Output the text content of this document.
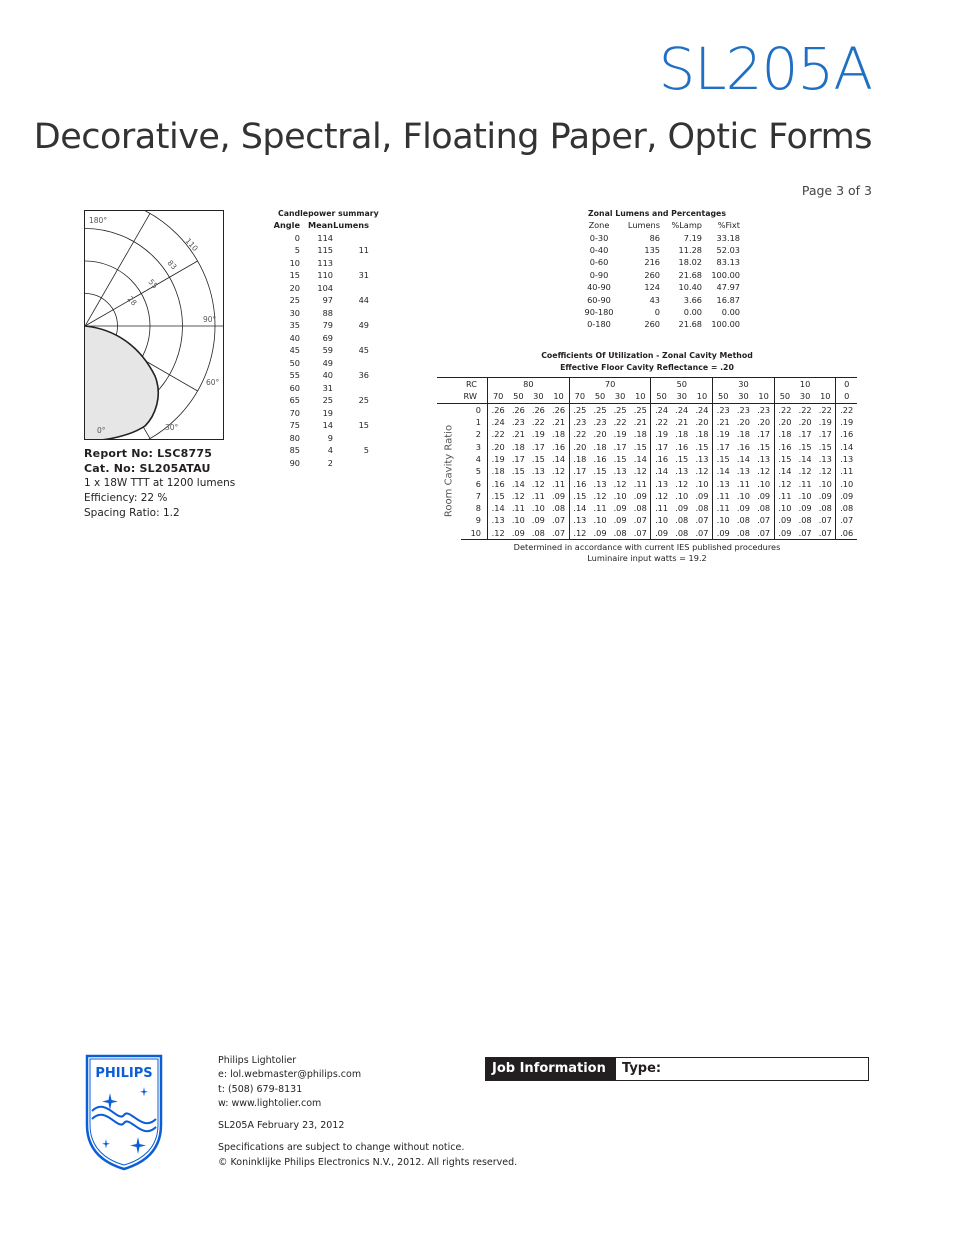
SL205A
Decorative, Spectral, Floating Paper, Optic Forms
Page 3 of 3
180°
90°
60°
30°
0°
110
83
55
28
Report No: LSC8775
Cat. No: SL205ATAU
1 x 18W TTT at 1200 lumens
Efficiency: 22 %
Spacing Ratio: 1.2
Candlepower summary
Angle	Mean	Lumens
0	114	
5	115	11
10	113	
15	110	31
20	104	
25	97	44
30	88	
35	79	49
40	69	
45	59	45
50	49	
55	40	36
60	31	
65	25	25
70	19	
75	14	15
80	9	
85	4	5
90	2	
Zonal Lumens and Percentages
Zone	Lumens	%Lamp	%Fixt
0-30	86	7.19	33.18
0-40	135	11.28	52.03
0-60	216	18.02	83.13
0-90	260	21.68	100.00
40-90	124	10.40	47.97
60-90	43	3.66	16.87
90-180	0	0.00	0.00
0-180	260	21.68	100.00
Coefficients Of Utilization - Zonal Cavity Method
Effective Floor Cavity Reflectance = .20
RC		80				70				50			30			10			0
RW		70	50	30	10	70	50	30	10	50	30	10	50	30	10	50	30	10	0

Room Cavity Ratio	0	.26	.26	.26	.26	.25	.25	.25	.25	.24	.24	.24	.23	.23	.23	.22	.22	.22	.22
	1	.24	.23	.22	.21	.23	.23	.22	.21	.22	.21	.20	.21	.20	.20	.20	.20	.19	.19
	2	.22	.21	.19	.18	.22	.20	.19	.18	.19	.18	.18	.19	.18	.17	.18	.17	.17	.16
	3	.20	.18	.17	.16	.20	.18	.17	.15	.17	.16	.15	.17	.16	.15	.16	.15	.15	.14
	4	.19	.17	.15	.14	.18	.16	.15	.14	.16	.15	.13	.15	.14	.13	.15	.14	.13	.13
	5	.18	.15	.13	.12	.17	.15	.13	.12	.14	.13	.12	.14	.13	.12	.14	.12	.12	.11
	6	.16	.14	.12	.11	.16	.13	.12	.11	.13	.12	.10	.13	.11	.10	.12	.11	.10	.10
	7	.15	.12	.11	.09	.15	.12	.10	.09	.12	.10	.09	.11	.10	.09	.11	.10	.09	.09
	8	.14	.11	.10	.08	.14	.11	.09	.08	.11	.09	.08	.11	.09	.08	.10	.09	.08	.08
	9	.13	.10	.09	.07	.13	.10	.09	.07	.10	.08	.07	.10	.08	.07	.09	.08	.07	.07
	10	.12	.09	.08	.07	.12	.09	.08	.07	.09	.08	.07	.09	.08	.07	.09	.07	.07	.06
Determined in accordance with current IES published procedures
Luminaire input watts = 19.2
PHILIPS
Philips Lightolier
e: lol.webmaster@philips.com
t: (508) 679-8131
w: www.lightolier.com
SL205A February 23, 2012
Specifications are subject to change without notice.
© Koninklijke Philips Electronics N.V., 2012. All rights reserved.
Job Information	Type:
